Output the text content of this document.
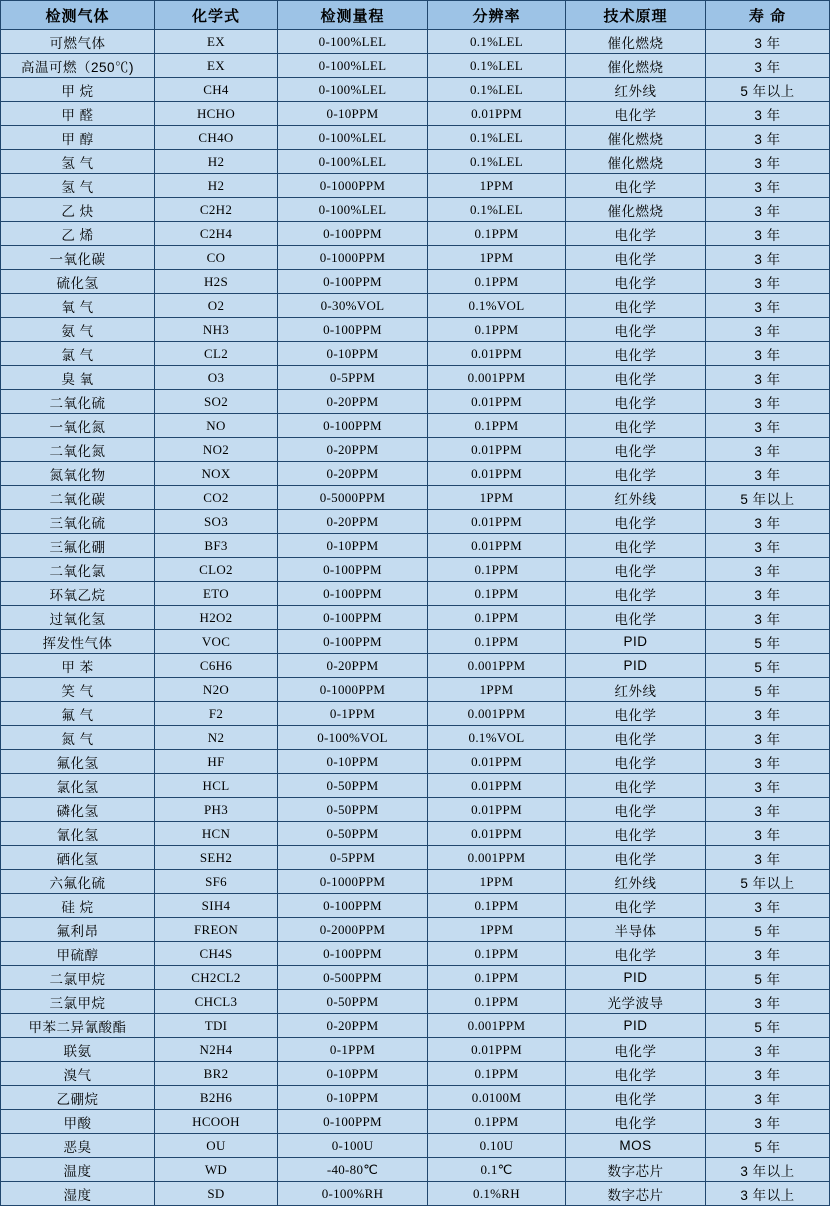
检测气体	化学式	检测量程	分辨率	技术原理	寿 命
可燃气体	EX	0-100%LEL	0.1%LEL	催化燃烧	3 年
高温可燃（250℃)	EX	0-100%LEL	0.1%LEL	催化燃烧	3 年
甲 烷	CH4	0-100%LEL	0.1%LEL	红外线	5 年以上
甲 醛	HCHO	0-10PPM	0.01PPM	电化学	3 年
甲 醇	CH4O	0-100%LEL	0.1%LEL	催化燃烧	3 年
氢 气	H2	0-100%LEL	0.1%LEL	催化燃烧	3 年
氢 气	H2	0-1000PPM	1PPM	电化学	3 年
乙 炔	C2H2	0-100%LEL	0.1%LEL	催化燃烧	3 年
乙 烯	C2H4	0-100PPM	0.1PPM	电化学	3 年
一氧化碳	CO	0-1000PPM	1PPM	电化学	3 年
硫化氢	H2S	0-100PPM	0.1PPM	电化学	3 年
氧 气	O2	0-30%VOL	0.1%VOL	电化学	3 年
氨 气	NH3	0-100PPM	0.1PPM	电化学	3 年
氯 气	CL2	0-10PPM	0.01PPM	电化学	3 年
臭 氧	O3	0-5PPM	0.001PPM	电化学	3 年
二氧化硫	SO2	0-20PPM	0.01PPM	电化学	3 年
一氧化氮	NO	0-100PPM	0.1PPM	电化学	3 年
二氧化氮	NO2	0-20PPM	0.01PPM	电化学	3 年
氮氧化物	NOX	0-20PPM	0.01PPM	电化学	3 年
二氧化碳	CO2	0-5000PPM	1PPM	红外线	5 年以上
三氧化硫	SO3	0-20PPM	0.01PPM	电化学	3 年
三氟化硼	BF3	0-10PPM	0.01PPM	电化学	3 年
二氧化氯	CLO2	0-100PPM	0.1PPM	电化学	3 年
环氧乙烷	ETO	0-100PPM	0.1PPM	电化学	3 年
过氧化氢	H2O2	0-100PPM	0.1PPM	电化学	3 年
挥发性气体	VOC	0-100PPM	0.1PPM	PID	5 年
甲 苯	C6H6	0-20PPM	0.001PPM	PID	5 年
笑 气	N2O	0-1000PPM	1PPM	红外线	5 年
氟 气	F2	0-1PPM	0.001PPM	电化学	3 年
氮 气	N2	0-100%VOL	0.1%VOL	电化学	3 年
氟化氢	HF	0-10PPM	0.01PPM	电化学	3 年
氯化氢	HCL	0-50PPM	0.01PPM	电化学	3 年
磷化氢	PH3	0-50PPM	0.01PPM	电化学	3 年
氰化氢	HCN	0-50PPM	0.01PPM	电化学	3 年
硒化氢	SEH2	0-5PPM	0.001PPM	电化学	3 年
六氟化硫	SF6	0-1000PPM	1PPM	红外线	5 年以上
硅 烷	SIH4	0-100PPM	0.1PPM	电化学	3 年
氟利昂	FREON	0-2000PPM	1PPM	半导体	5 年
甲硫醇	CH4S	0-100PPM	0.1PPM	电化学	3 年
二氯甲烷	CH2CL2	0-500PPM	0.1PPM	PID	5 年
三氯甲烷	CHCL3	0-50PPM	0.1PPM	光学波导	3 年
甲苯二异氰酸酯	TDI	0-20PPM	0.001PPM	PID	5 年
联氨	N2H4	0-1PPM	0.01PPM	电化学	3 年
溴气	BR2	0-10PPM	0.1PPM	电化学	3 年
乙硼烷	B2H6	0-10PPM	0.0100M	电化学	3 年
甲酸	HCOOH	0-100PPM	0.1PPM	电化学	3 年
恶臭	OU	0-100U	0.10U	MOS	5 年
温度	WD	-40-80℃	0.1℃	数字芯片	3 年以上
湿度	SD	0-100%RH	0.1%RH	数字芯片	3 年以上
